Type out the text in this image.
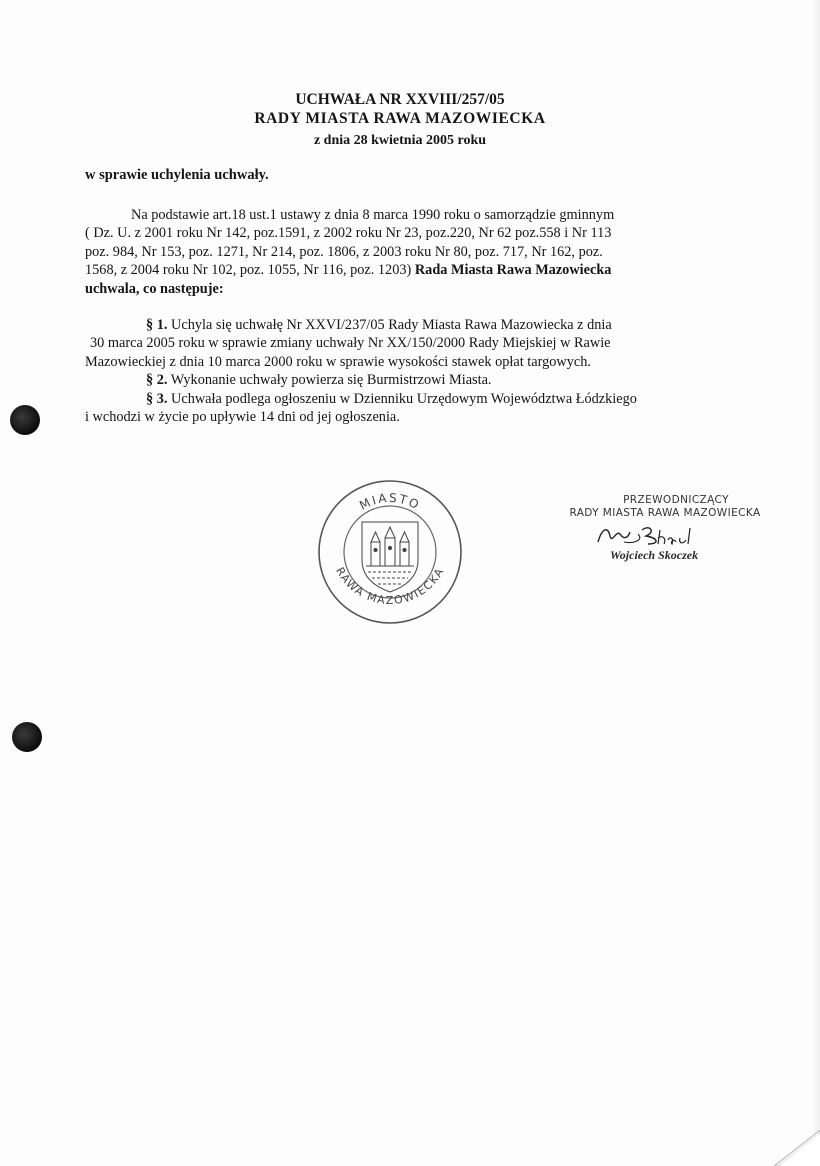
UCHWAŁA NR XXVIII/257/05
RADY MIASTA RAWA MAZOWIECKA
z dnia 28 kwietnia 2005 roku
w sprawie uchylenia uchwały.
Na podstawie art.18 ust.1 ustawy z dnia 8 marca 1990 roku o samorządzie gminnym
( Dz. U. z 2001 roku Nr 142, poz.1591, z 2002 roku Nr 23, poz.220, Nr 62 poz.558 i Nr 113
poz. 984, Nr 153, poz. 1271, Nr 214, poz. 1806, z 2003 roku Nr 80, poz. 717, Nr 162, poz.
1568, z 2004 roku Nr 102, poz. 1055, Nr 116, poz. 1203) Rada Miasta Rawa Mazowiecka
uchwala, co następuje:
§ 1. Uchyla się uchwałę Nr XXVI/237/05 Rady Miasta Rawa Mazowiecka z dnia
30 marca 2005 roku w sprawie zmiany uchwały Nr XX/150/2000 Rady Miejskiej w Rawie
Mazowieckiej z dnia 10 marca 2000 roku w sprawie wysokości stawek opłat targowych.
§ 2. Wykonanie uchwały powierza się Burmistrzowi Miasta.
§ 3. Uchwała podlega ogłoszeniu w Dzienniku Urzędowym Województwa Łódzkiego
i wchodzi w życie po upływie 14 dni od jej ogłoszenia.
MIASTO
RAWA MAZOWIECKA
PRZEWODNICZĄCY
RADY MIASTA RAWA MAZOWIECKA
Wojciech Skoczek
